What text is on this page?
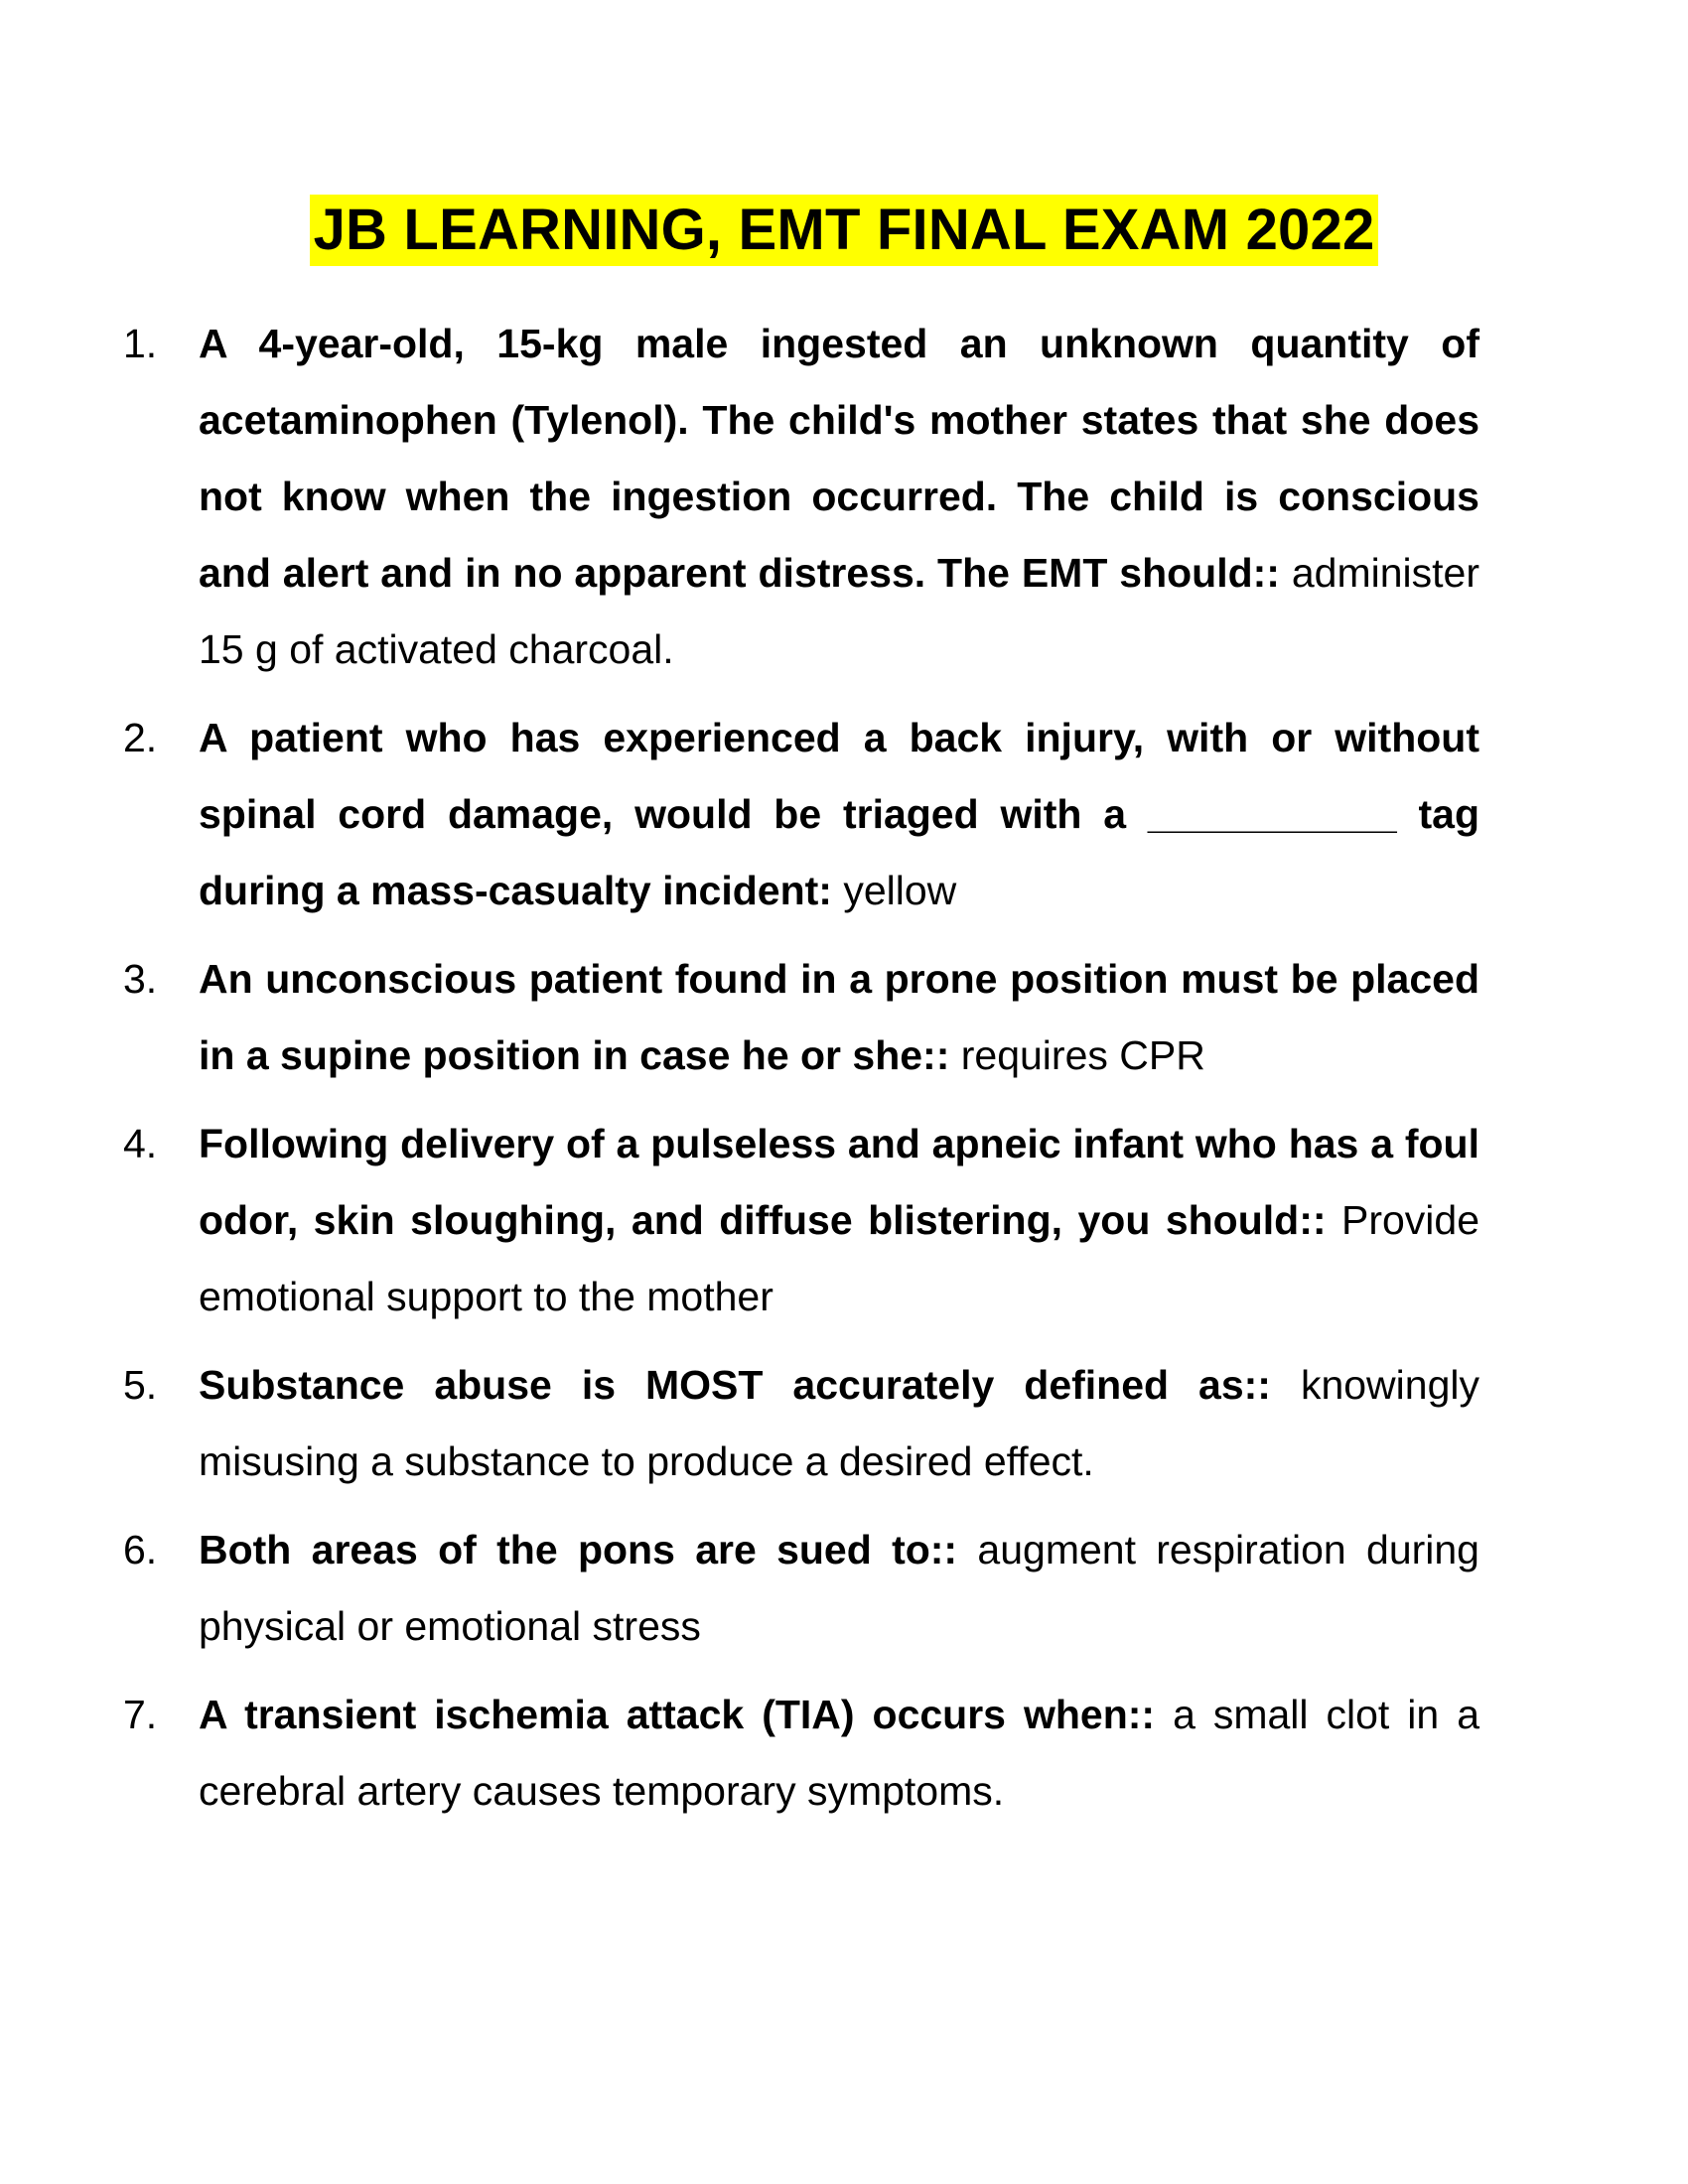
JB LEARNING, EMT FINAL EXAM 2022
1. A 4-year-old, 15-kg male ingested an unknown quantity of acetaminophen (Tylenol). The child's mother states that she does not know when the ingestion occurred. The child is conscious and alert and in no apparent distress. The EMT should:: administer 15 g of activated charcoal.
2. A patient who has experienced a back injury, with or without spinal cord damage, would be triaged with a ___________ tag during a mass-casualty incident: yellow
3. An unconscious patient found in a prone position must be placed in a supine position in case he or she:: requires CPR
4. Following delivery of a pulseless and apneic infant who has a foul odor, skin sloughing, and diffuse blistering, you should:: Provide emotional support to the mother
5. Substance abuse is MOST accurately defined as:: knowingly misusing a substance to produce a desired effect.
6. Both areas of the pons are sued to:: augment respiration during physical or emotional stress
7. A transient ischemia attack (TIA) occurs when:: a small clot in a cerebral artery causes temporary symptoms.
